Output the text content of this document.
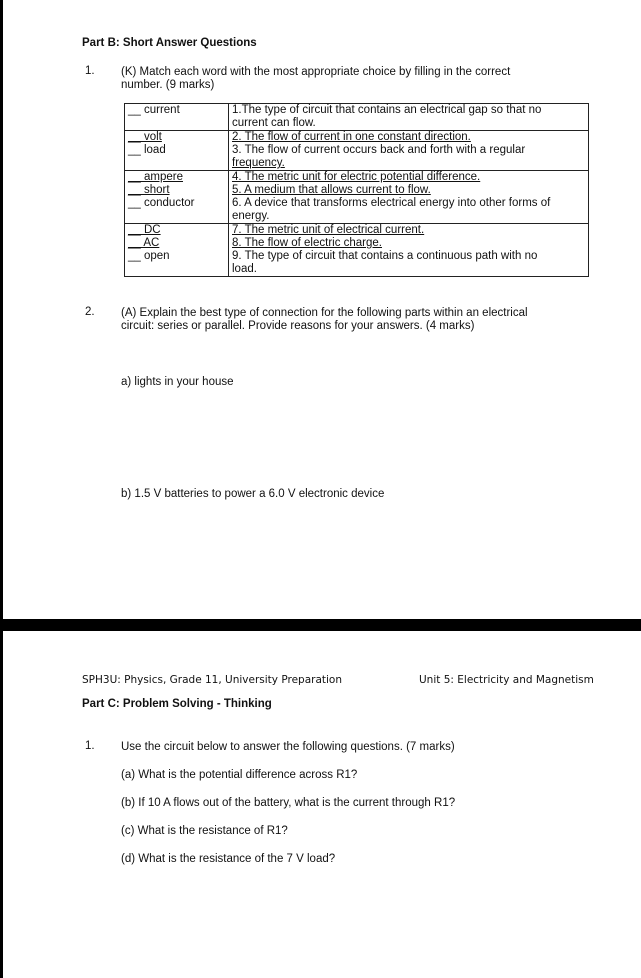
Part B: Short Answer Questions
1. (K) Match each word with the most appropriate choice by filling in the correct
number. (9 marks)
__ current	1.The type of circuit that contains an electrical gap so that no
current can flow.

__ volt
__ load	2. The flow of current in one constant direction.
3. The flow of current occurs back and forth with a regular
frequency.

__ ampere
__ short
__ conductor	4. The metric unit for electric potential difference.
5. A medium that allows current to flow.
6. A device that transforms electrical energy into other forms of
energy.

__ DC
__ AC
__ open	7. The metric unit of electrical current.
8. The flow of electric charge.
9. The type of circuit that contains a continuous path with no
load.
2. (A) Explain the best type of connection for the following parts within an electrical
circuit: series or parallel. Provide reasons for your answers. (4 marks)
a) lights in your house
b) 1.5 V batteries to power a 6.0 V electronic device
SPH3U: Physics, Grade 11, University Preparation	Unit 5: Electricity and Magnetism
Part C: Problem Solving - Thinking
1. Use the circuit below to answer the following questions. (7 marks)
(a) What is the potential difference across R1?
(b) If 10 A flows out of the battery, what is the current through R1?
(c) What is the resistance of R1?
(d) What is the resistance of the 7 V load?
